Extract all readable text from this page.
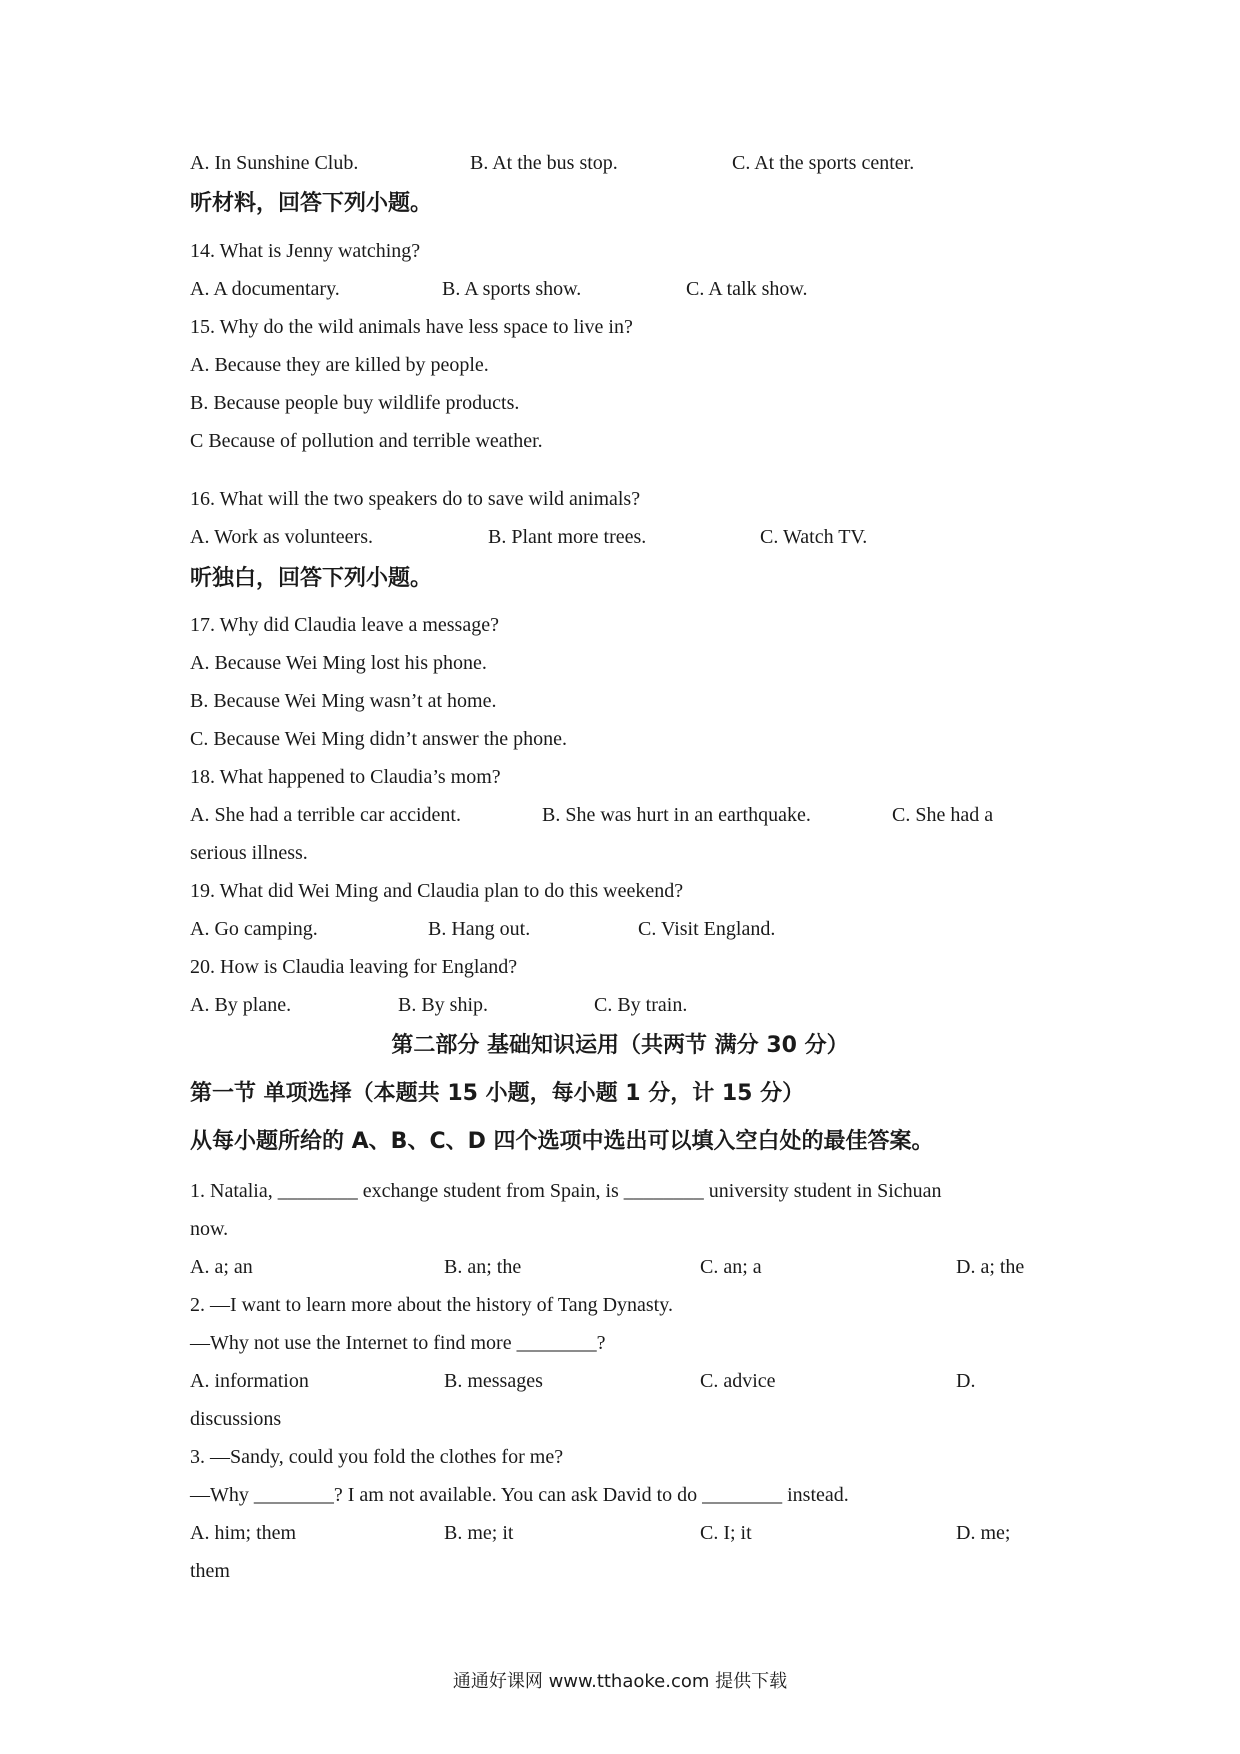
A. In Sunshine Club.	B. At the bus stop.	C. At the sports center.
听材料，回答下列小题。
14. What is Jenny watching?
A. A documentary.	B. A sports show.	C. A talk show.
15. Why do the wild animals have less space to live in?
A. Because they are killed by people.
B. Because people buy wildlife products.
C Because of pollution and terrible weather.
16. What will the two speakers do to save wild animals?
A. Work as volunteers.	B. Plant more trees.	C. Watch TV.
听独白，回答下列小题。
17. Why did Claudia leave a message?
A. Because Wei Ming lost his phone.
B. Because Wei Ming wasn’t at home.
C. Because Wei Ming didn’t answer the phone.
18. What happened to Claudia’s mom?
A. She had a terrible car accident.	B. She was hurt in an earthquake.	C. She had a
serious illness.
19. What did Wei Ming and Claudia plan to do this weekend?
A. Go camping.	B. Hang out.	C. Visit England.
20. How is Claudia leaving for England?
A. By plane.	B. By ship.	C. By train.
第二部分 基础知识运用（共两节 满分 30 分）
第一节 单项选择（本题共 15 小题，每小题 1 分，计 15 分）
从每小题所给的 A、B、C、D 四个选项中选出可以填入空白处的最佳答案。
1. Natalia, ________ exchange student from Spain, is ________ university student in Sichuan
now.
A. a; an	B. an; the	C. an; a	D. a; the
2. —I want to learn more about the history of Tang Dynasty.
—Why not use the Internet to find more ________?
A. information	B. messages	C. advice	D.
discussions
3. —Sandy, could you fold the clothes for me?
—Why ________? I am not available. You can ask David to do ________ instead.
A. him; them	B. me; it	C. I; it	D. me;
them
通通好课网 www.tthaoke.com 提供下载
